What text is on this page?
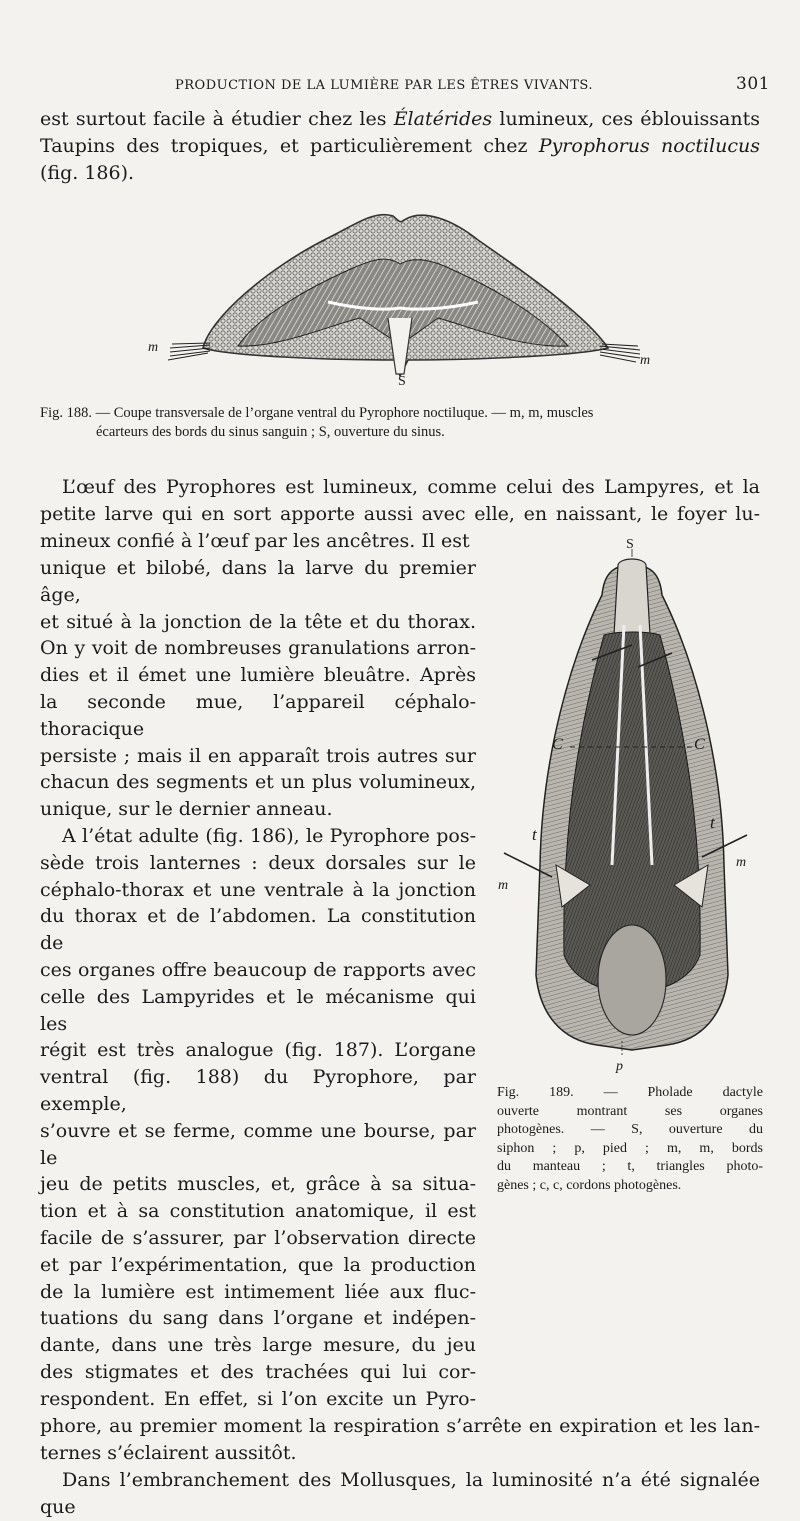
PRODUCTION DE LA LUMIÈRE PAR LES ÊTRES VIVANTS.	301

est surtout facile à étudier chez les Élatérides lumineux, ces éblouissants

Taupins des tropiques, et particulièrement chez Pyrophorus noctilucus

(fig. 186).

m
m
S
Fig. 188. — Coupe transversale de l’organe ventral du Pyrophore noctiluque. — m, m, muscles
écarteurs des bords du sinus sanguin ; S, ouverture du sinus.

L’œuf des Pyrophores est lumineux, comme celui des Lampyres, et la

petite larve qui en sort apporte aussi avec elle, en naissant, le foyer lu-

mineux confié à l’œuf par les ancêtres. Il est

unique et bilobé, dans la larve du premier âge,

et situé à la jonction de la tête et du thorax.

On y voit de nombreuses granulations arron-

dies et il émet une lumière bleuâtre. Après

la seconde mue, l’appareil céphalo-thoracique

persiste ; mais il en apparaît trois autres sur

chacun des segments et un plus volumineux,

unique, sur le dernier anneau.

A l’état adulte (fig. 186), le Pyrophore pos-

sède trois lanternes : deux dorsales sur le

céphalo-thorax et une ventrale à la jonction

du thorax et de l’abdomen. La constitution de

ces organes offre beaucoup de rapports avec

celle des Lampyrides et le mécanisme qui les

régit est très analogue (fig. 187). L’organe

ventral (fig. 188) du Pyrophore, par exemple,

s’ouvre et se ferme, comme une bourse, par le

jeu de petits muscles, et, grâce à sa situa-

tion et à sa constitution anatomique, il est

facile de s’assurer, par l’observation directe

et par l’expérimentation, que la production

de la lumière est intimement liée aux fluc-

tuations du sang dans l’organe et indépen-

dante, dans une très large mesure, du jeu

des stigmates et des trachées qui lui cor-

respondent. En effet, si l’on excite un Pyro-

S
C	C
t
t
m
m
p
Fig. 189. — Pholade dactyle
ouverte montrant ses organes
photogènes. — S, ouverture du
siphon ; p, pied ; m, m, bords
du manteau ; t, triangles photo-
gènes ; c, c, cordons photogènes.

phore, au premier moment la respiration s’arrête en expiration et les lan-

ternes s’éclairent aussitôt.

Dans l’embranchement des Mollusques, la luminosité n’a été signalée que
